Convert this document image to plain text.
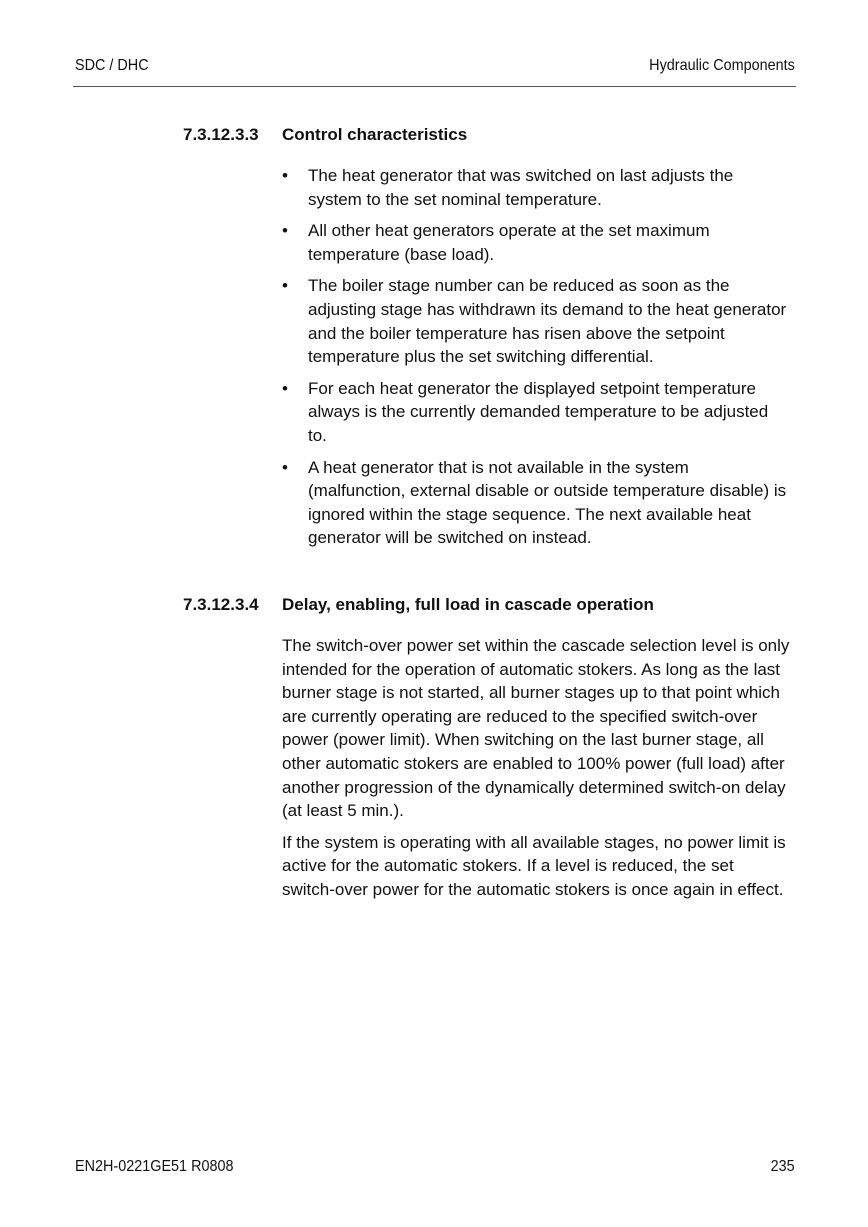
SDC / DHC	Hydraulic Components
7.3.12.3.3 Control characteristics
• The heat generator that was switched on last adjusts the system to the set nominal temperature.
• All other heat generators operate at the set maximum temperature (base load).
• The boiler stage number can be reduced as soon as the adjusting stage has withdrawn its demand to the heat generator and the boiler temperature has risen above the setpoint temperature plus the set switching differential.
• For each heat generator the displayed setpoint temperature always is the currently demanded temperature to be adjusted to.
• A heat generator that is not available in the system (malfunction, external disable or outside temperature disable) is ignored within the stage sequence. The next available heat generator will be switched on instead.
7.3.12.3.4 Delay, enabling, full load in cascade operation

The switch-over power set within the cascade selection level is only intended for the operation of automatic stokers. As long as the last burner stage is not started, all burner stages up to that point which are currently operating are reduced to the specified switch-over power (power limit). When switching on the last burner stage, all other automatic stokers are enabled to 100% power (full load) after another progression of the dynamically determined switch-on delay (at least 5 min.).

If the system is operating with all available stages, no power limit is active for the automatic stokers. If a level is reduced, the set switch-over power for the automatic stokers is once again in effect.

EN2H-0221GE51 R0808	235
